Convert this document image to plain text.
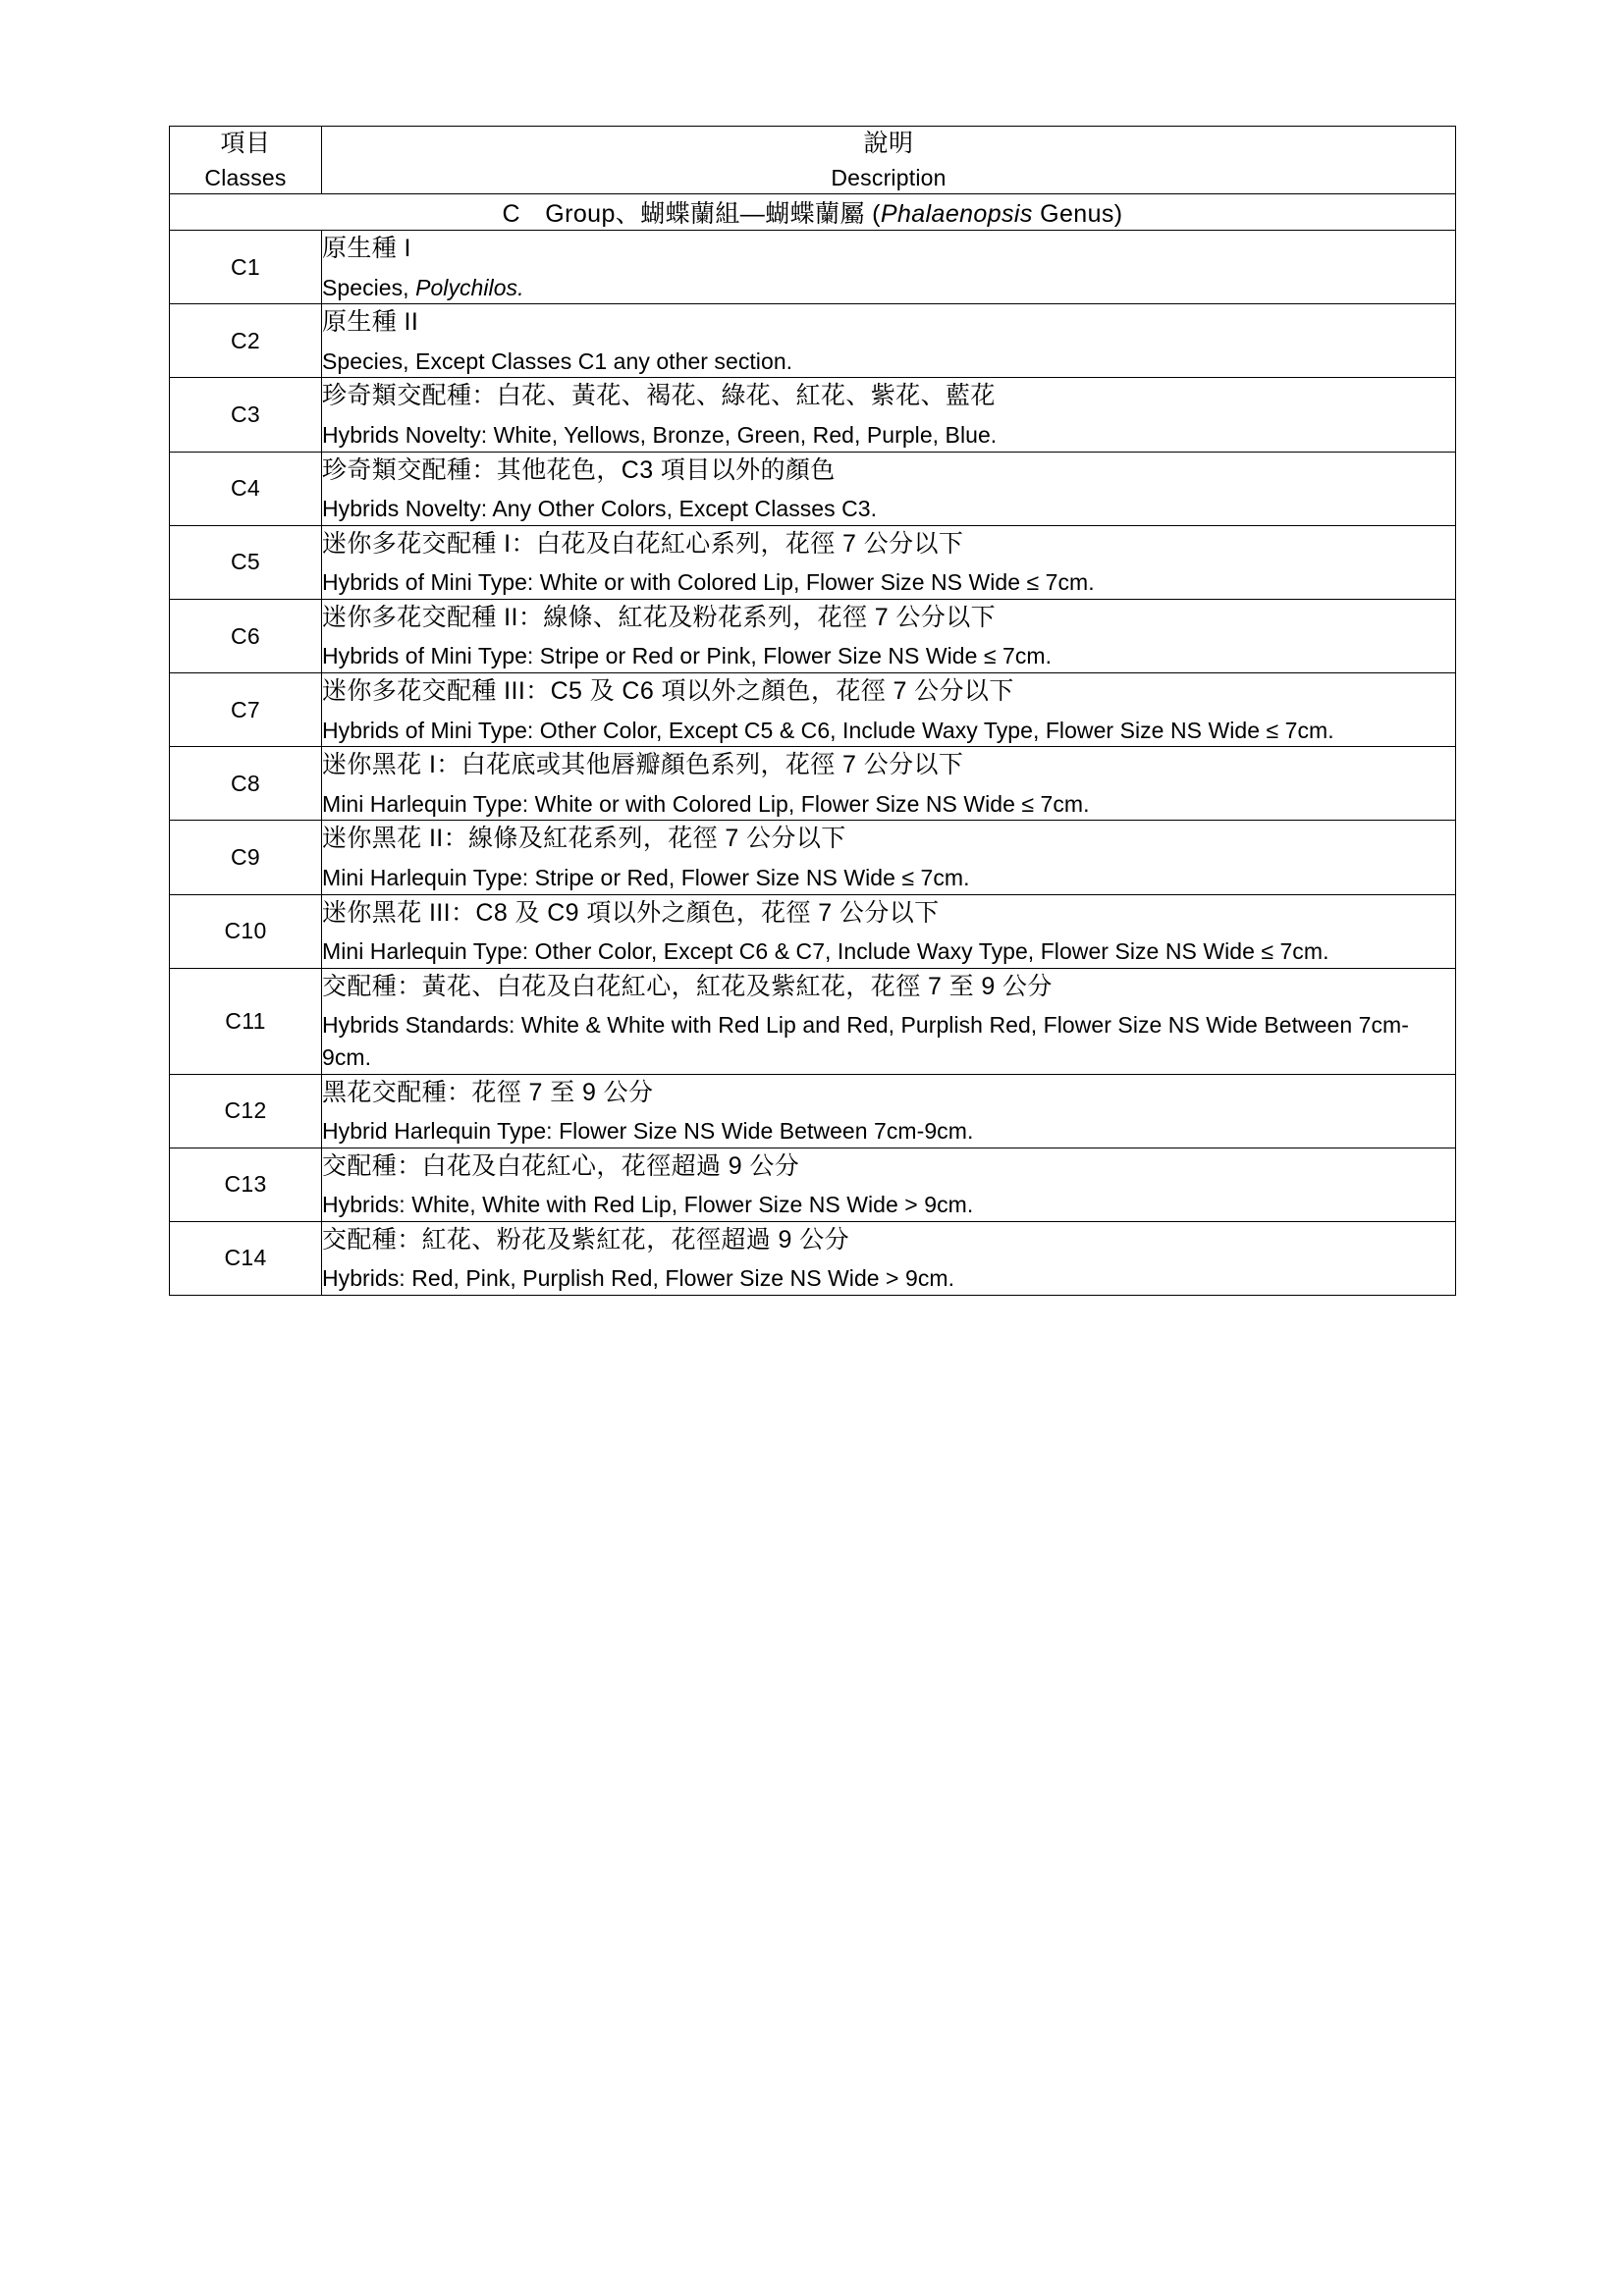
項目
Classes

說明
Description

C　Group、蝴蝶蘭組—蝴蝶蘭屬 (Phalaenopsis Genus)	
C1	原生種 I
Species, Polychilos.

C2	原生種 II
Species, Except Classes C1 any other section.

C3	珍奇類交配種：白花、黃花、褐花、綠花、紅花、紫花、藍花
Hybrids Novelty: White, Yellows, Bronze, Green, Red, Purple, Blue.

C4	珍奇類交配種：其他花色，C3 項目以外的顏色
Hybrids Novelty: Any Other Colors, Except Classes C3.

C5	迷你多花交配種 I：白花及白花紅心系列，花徑 7 公分以下
Hybrids of Mini Type: White or with Colored Lip, Flower Size NS Wide ≤ 7cm.

C6	迷你多花交配種 II：線條、紅花及粉花系列，花徑 7 公分以下
Hybrids of Mini Type: Stripe or Red or Pink, Flower Size NS Wide ≤ 7cm.

C7	迷你多花交配種 III：C5 及 C6 項以外之顏色，花徑 7 公分以下
Hybrids of Mini Type: Other Color, Except C5 & C6, Include Waxy Type, Flower Size NS Wide ≤ 7cm.

C8	迷你黑花 I：白花底或其他唇瓣顏色系列，花徑 7 公分以下
Mini Harlequin Type: White or with Colored Lip, Flower Size NS Wide ≤ 7cm.

C9	迷你黑花 II：線條及紅花系列，花徑 7 公分以下
Mini Harlequin Type: Stripe or Red, Flower Size NS Wide ≤ 7cm.

C10	迷你黑花 III：C8 及 C9 項以外之顏色，花徑 7 公分以下
Mini Harlequin Type: Other Color, Except C6 & C7, Include Waxy Type, Flower Size NS Wide ≤ 7cm.

C11	交配種：黃花、白花及白花紅心，紅花及紫紅花，花徑 7 至 9 公分
Hybrids Standards: White & White with Red Lip and Red, Purplish Red, Flower Size NS Wide Between 7cm-9cm.

C12	黑花交配種：花徑 7 至 9 公分
Hybrid Harlequin Type: Flower Size NS Wide Between 7cm-9cm.

C13	交配種：白花及白花紅心，花徑超過 9 公分
Hybrids: White, White with Red Lip, Flower Size NS Wide > 9cm.

C14	交配種：紅花、粉花及紫紅花，花徑超過 9 公分
Hybrids: Red, Pink, Purplish Red, Flower Size NS Wide > 9cm.
